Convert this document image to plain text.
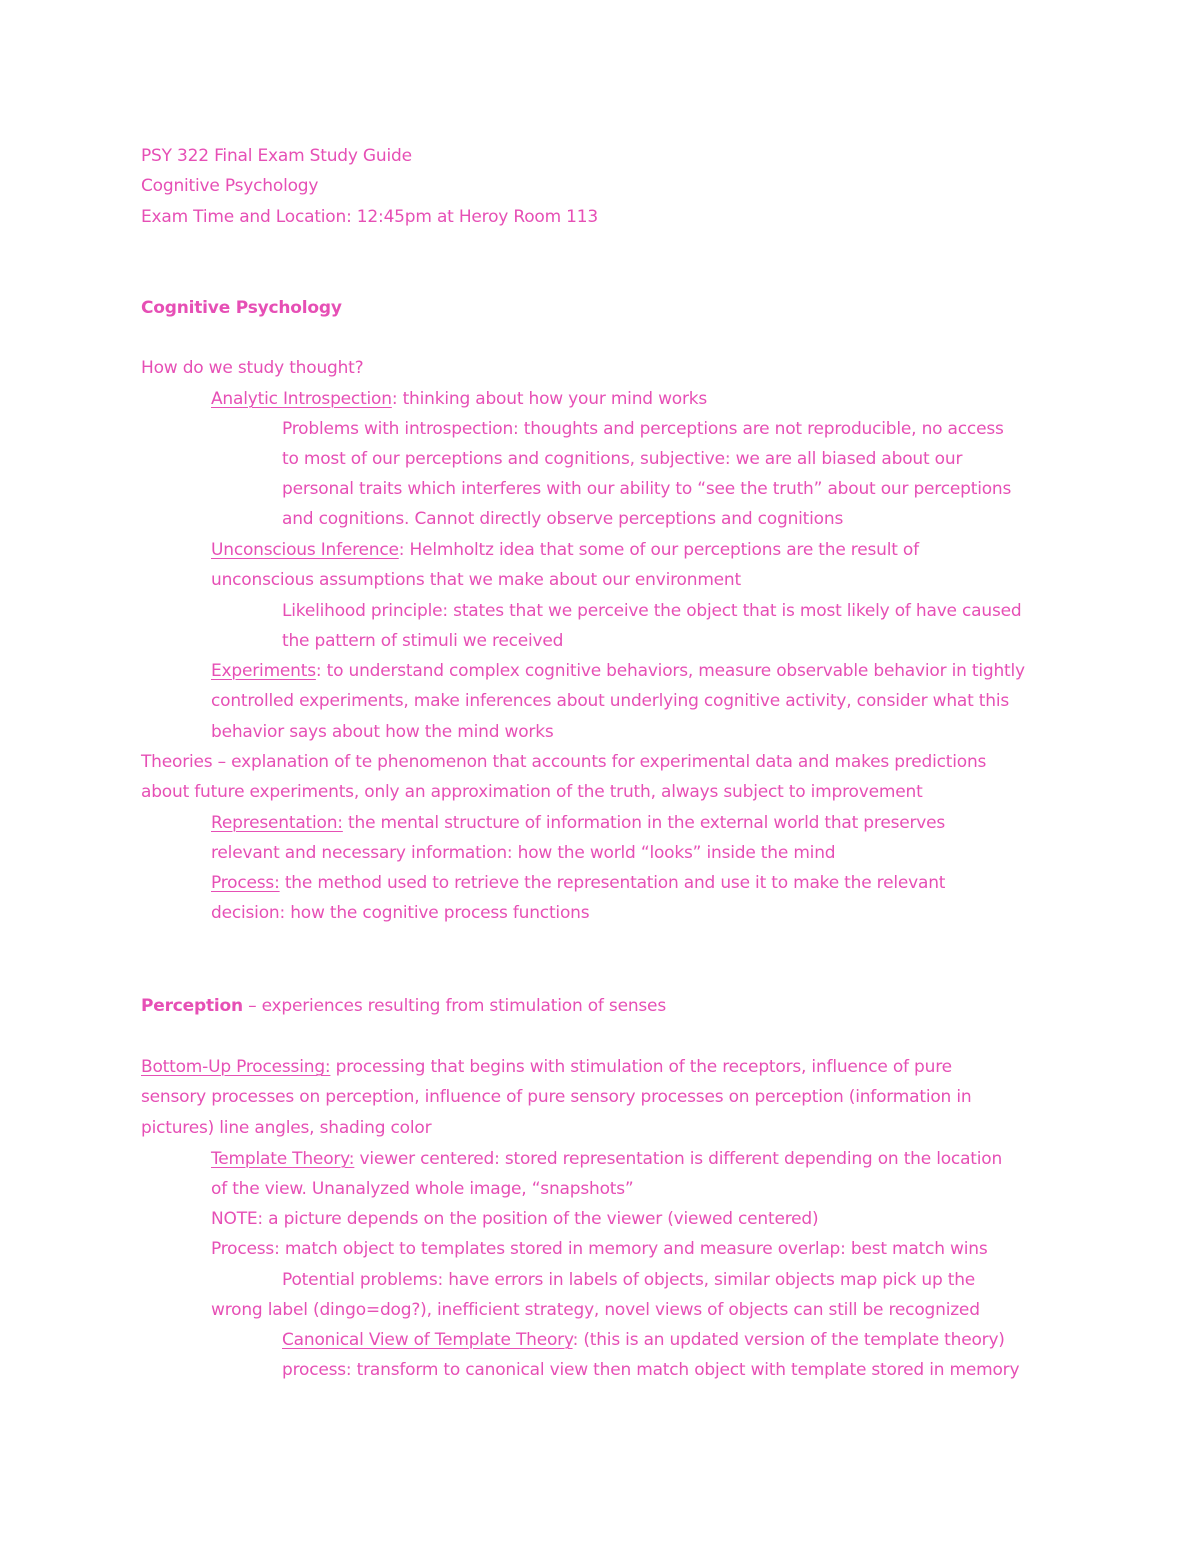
PSY 322 Final Exam Study Guide
Cognitive Psychology
Exam Time and Location: 12:45pm at Heroy Room 113
Cognitive Psychology
How do we study thought?
Analytic Introspection: thinking about how your mind works
Problems with introspection: thoughts and perceptions are not reproducible, no access
to most of our perceptions and cognitions, subjective: we are all biased about our
personal traits which interferes with our ability to “see the truth” about our perceptions
and cognitions. Cannot directly observe perceptions and cognitions
Unconscious Inference: Helmholtz idea that some of our perceptions are the result of
unconscious assumptions that we make about our environment
Likelihood principle: states that we perceive the object that is most likely of have caused
the pattern of stimuli we received
Experiments: to understand complex cognitive behaviors, measure observable behavior in tightly
controlled experiments, make inferences about underlying cognitive activity, consider what this
behavior says about how the mind works
Theories – explanation of te phenomenon that accounts for experimental data and makes predictions
about future experiments, only an approximation of the truth, always subject to improvement
Representation: the mental structure of information in the external world that preserves
relevant and necessary information: how the world “looks” inside the mind
Process: the method used to retrieve the representation and use it to make the relevant
decision: how the cognitive process functions
Perception – experiences resulting from stimulation of senses
Bottom-Up Processing: processing that begins with stimulation of the receptors, influence of pure
sensory processes on perception, influence of pure sensory processes on perception (information in
pictures) line angles, shading color
Template Theory: viewer centered: stored representation is different depending on the location
of the view. Unanalyzed whole image, “snapshots”
NOTE: a picture depends on the position of the viewer (viewed centered)
Process: match object to templates stored in memory and measure overlap: best match wins
Potential problems: have errors in labels of objects, similar objects map pick up the
wrong label (dingo=dog?), inefficient strategy, novel views of objects can still be recognized
Canonical View of Template Theory: (this is an updated version of the template theory)
process: transform to canonical view then match object with template stored in memory
